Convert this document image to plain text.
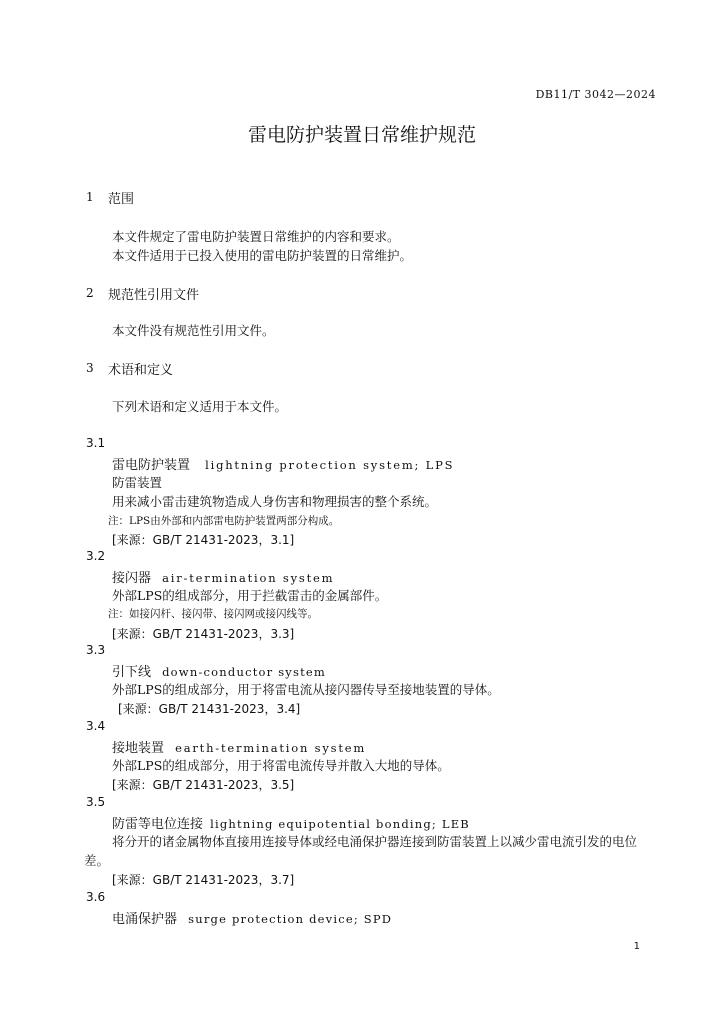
DB11/T 3042—2024
雷电防护装置日常维护规范
1 范围
本文件规定了雷电防护装置日常维护的内容和要求。
本文件适用于已投入使用的雷电防护装置的日常维护。
2 规范性引用文件
本文件没有规范性引用文件。
3 术语和定义
下列术语和定义适用于本文件。
3.1
雷电防护装置 lightning protection system; LPS
防雷装置
用来减小雷击建筑物造成人身伤害和物理损害的整个系统。
注：LPS由外部和内部雷电防护装置两部分构成。
[来源：GB/T 21431-2023，3.1]
3.2
接闪器 air-termination system
外部LPS的组成部分，用于拦截雷击的金属部件。
注：如接闪杆、接闪带、接闪网或接闪线等。
[来源：GB/T 21431-2023，3.3]
3.3
引下线 down-conductor system
外部LPS的组成部分，用于将雷电流从接闪器传导至接地装置的导体。
[来源：GB/T 21431-2023，3.4]
3.4
接地装置 earth-termination system
外部LPS的组成部分，用于将雷电流传导并散入大地的导体。
[来源：GB/T 21431-2023，3.5]
3.5
防雷等电位连接 lightning equipotential bonding; LEB
将分开的诸金属物体直接用连接导体或经电涌保护器连接到防雷装置上以减少雷电流引发的电位
差。
[来源：GB/T 21431-2023，3.7]
3.6
电涌保护器 surge protection device; SPD
1
